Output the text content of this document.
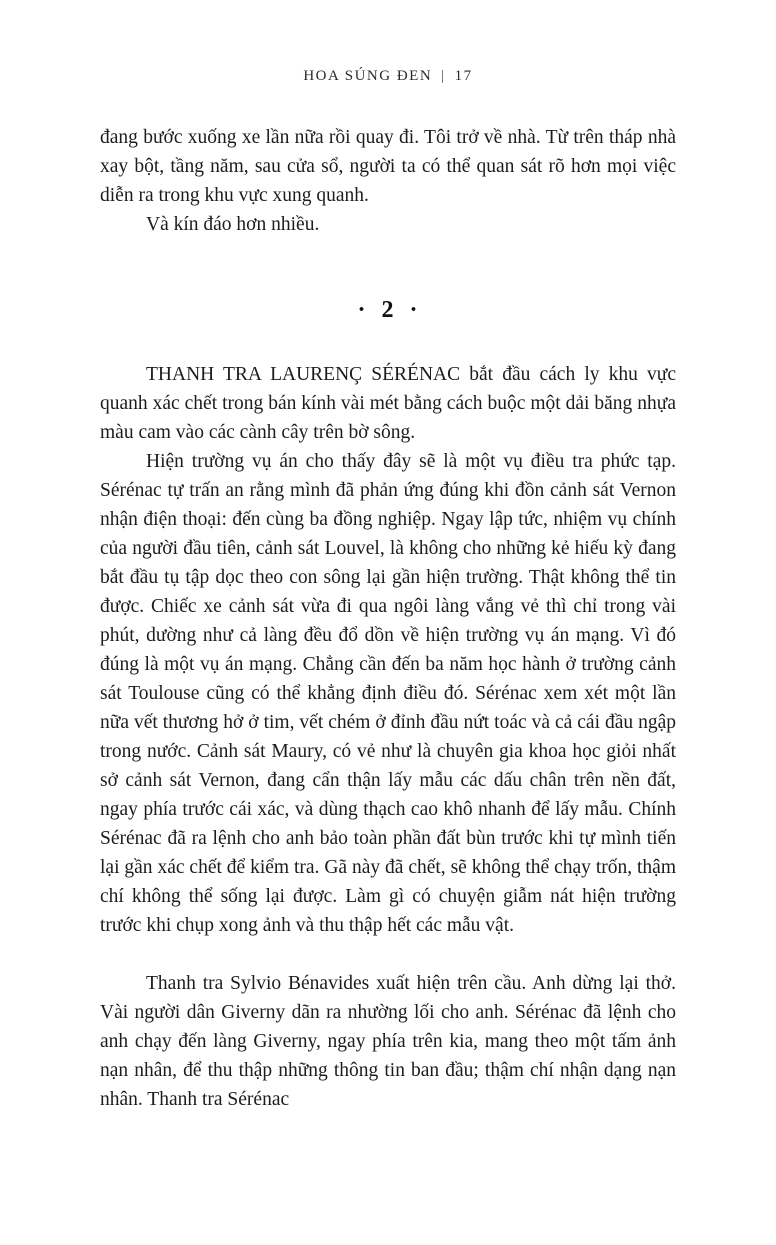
HOA SÚNG ĐEN | 17

đang bước xuống xe lần nữa rồi quay đi. Tôi trở về nhà. Từ trên tháp nhà xay bột, tầng năm, sau cửa sổ, người ta có thể quan sát rõ hơn mọi việc diễn ra trong khu vực xung quanh.

Và kín đáo hơn nhiều.

· 2 ·

THANH TRA LAURENÇ SÉRÉNAC bắt đầu cách ly khu vực quanh xác chết trong bán kính vài mét bằng cách buộc một dải băng nhựa màu cam vào các cành cây trên bờ sông.

Hiện trường vụ án cho thấy đây sẽ là một vụ điều tra phức tạp. Sérénac tự trấn an rằng mình đã phản ứng đúng khi đồn cảnh sát Vernon nhận điện thoại: đến cùng ba đồng nghiệp. Ngay lập tức, nhiệm vụ chính của người đầu tiên, cảnh sát Louvel, là không cho những kẻ hiếu kỳ đang bắt đầu tụ tập dọc theo con sông lại gần hiện trường. Thật không thể tin được. Chiếc xe cảnh sát vừa đi qua ngôi làng vắng vẻ thì chỉ trong vài phút, dường như cả làng đều đổ dồn về hiện trường vụ án mạng. Vì đó đúng là một vụ án mạng. Chẳng cần đến ba năm học hành ở trường cảnh sát Toulouse cũng có thể khẳng định điều đó. Sérénac xem xét một lần nữa vết thương hở ở tim, vết chém ở đỉnh đầu nứt toác và cả cái đầu ngập trong nước. Cảnh sát Maury, có vẻ như là chuyên gia khoa học giỏi nhất sở cảnh sát Vernon, đang cẩn thận lấy mẫu các dấu chân trên nền đất, ngay phía trước cái xác, và dùng thạch cao khô nhanh để lấy mẫu. Chính Sérénac đã ra lệnh cho anh bảo toàn phần đất bùn trước khi tự mình tiến lại gần xác chết để kiểm tra. Gã này đã chết, sẽ không thể chạy trốn, thậm chí không thể sống lại được. Làm gì có chuyện giẫm nát hiện trường trước khi chụp xong ảnh và thu thập hết các mẫu vật.

Thanh tra Sylvio Bénavides xuất hiện trên cầu. Anh dừng lại thở. Vài người dân Giverny dãn ra nhường lối cho anh. Sérénac đã lệnh cho anh chạy đến làng Giverny, ngay phía trên kia, mang theo một tấm ảnh nạn nhân, để thu thập những thông tin ban đầu; thậm chí nhận dạng nạn nhân. Thanh tra Sérénac
